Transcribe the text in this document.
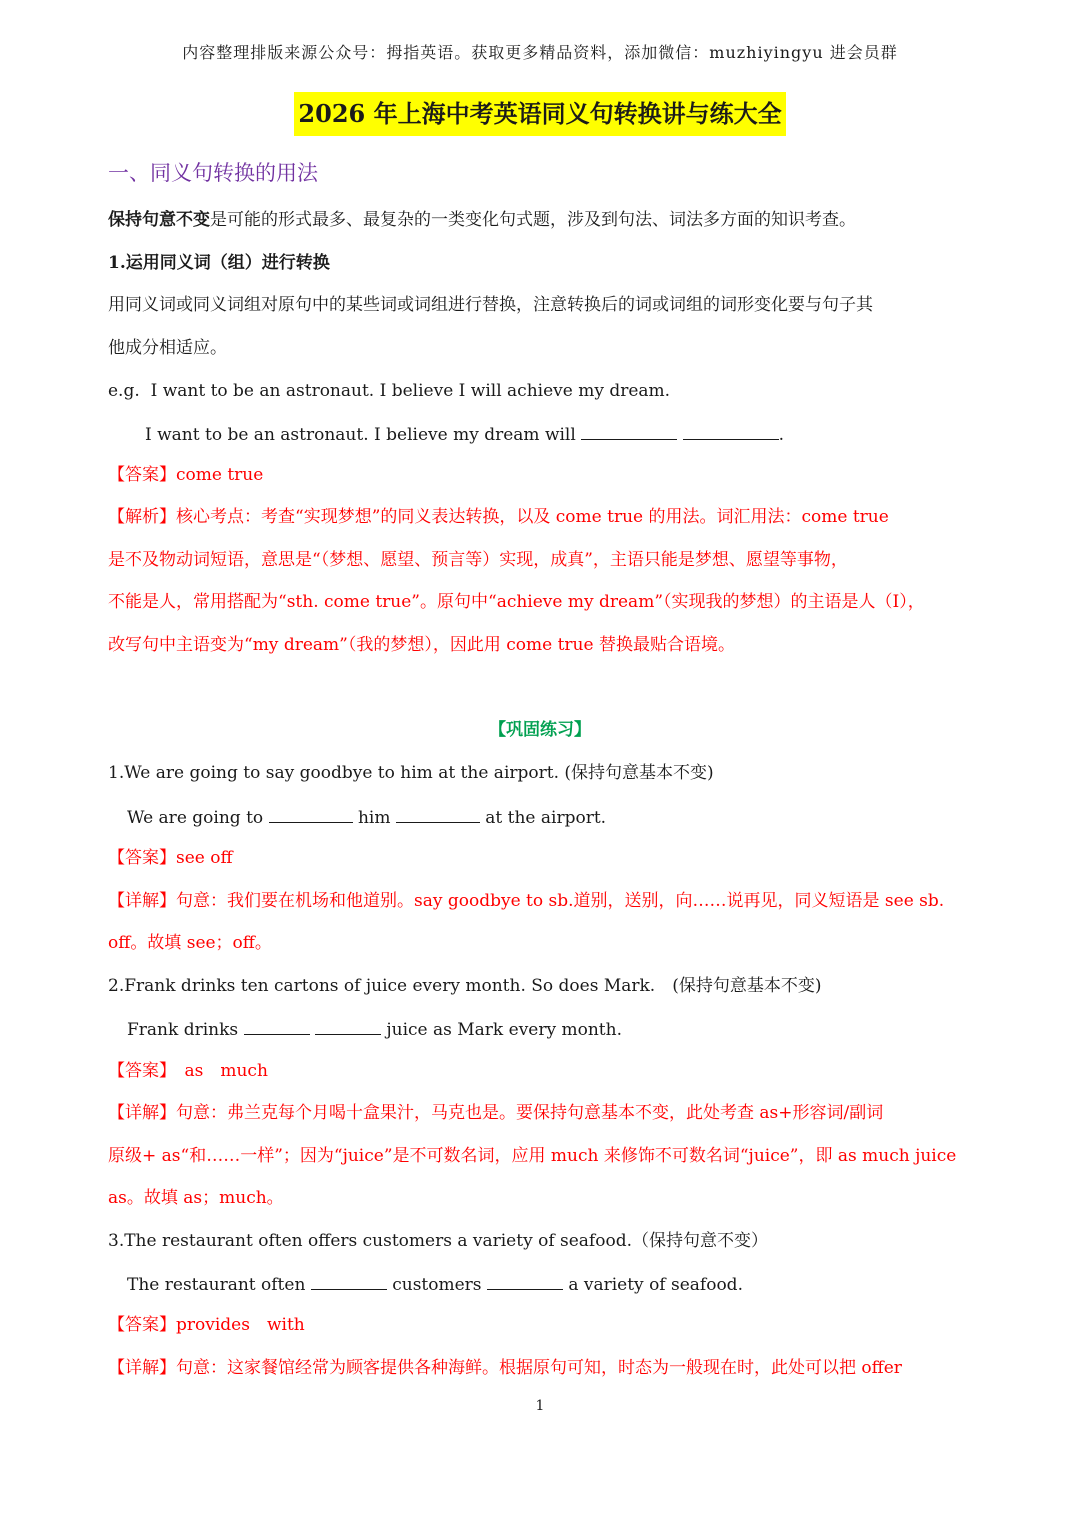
内容整理排版来源公众号：拇指英语。获取更多精品资料，添加微信：muzhiyingyu 进会员群
2026 年上海中考英语同义句转换讲与练大全
一、同义句转换的用法
保持句意不变是可能的形式最多、最复杂的一类变化句式题，涉及到句法、词法多方面的知识考查。
1.运用同义词（组）进行转换
用同义词或同义词组对原句中的某些词或词组进行替换，注意转换后的词或词组的词形变化要与句子其
他成分相适应。
e.g. I want to be an astronaut. I believe I will achieve my dream.
I want to be an astronaut. I believe my dream will	.
【答案】come true
【解析】核心考点：考查“实现梦想”的同义表达转换，以及 come true 的用法。词汇用法：come true
是不及物动词短语，意思是“（梦想、愿望、预言等）实现，成真”，主语只能是梦想、愿望等事物，
不能是人，常用搭配为“sth. come true”。原句中“achieve my dream”（实现我的梦想）的主语是人（I），
改写句中主语变为“my dream”（我的梦想），因此用 come true 替换最贴合语境。
【巩固练习】
1.We are going to say goodbye to him at the airport. (保持句意基本不变)
We are going to	him	at the airport.
【答案】see off
【详解】句意：我们要在机场和他道别。say goodbye to sb.道别，送别，向……说再见，同义短语是 see sb.
off。故填 see；off。
2.Frank drinks ten cartons of juice every month. So does Mark.　(保持句意基本不变)
Frank drinks	juice as Mark every month.
【答案】　as　much
【详解】句意：弗兰克每个月喝十盒果汁，马克也是。要保持句意基本不变，此处考查 as+形容词/副词
原级+ as“和……一样”；因为“juice”是不可数名词，应用 much 来修饰不可数名词“juice”，即 as much juice
as。故填 as；much。
3.The restaurant often offers customers a variety of seafood.（保持句意不变）
The restaurant often	customers	a variety of seafood.
【答案】provides　with
【详解】句意：这家餐馆经常为顾客提供各种海鲜。根据原句可知，时态为一般现在时，此处可以把 offer
1
